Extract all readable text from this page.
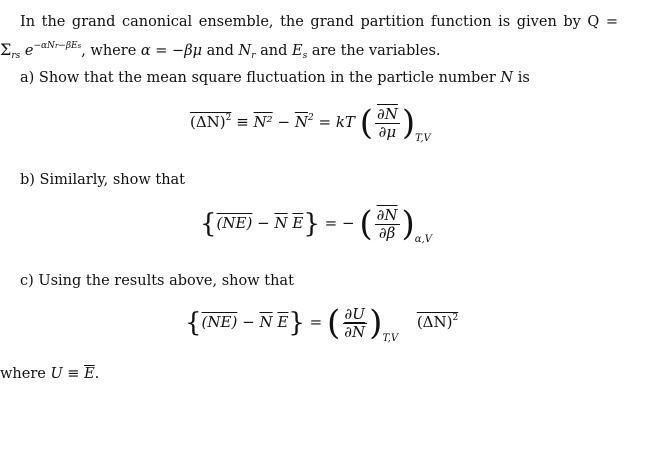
In the grand canonical ensemble, the grand partition function is given by Q =
$\Sigma_{rs}$ $e^{-\alpha Nr-\beta Es}$, where α = −βμ and $N_r$ and $E_s$ are the variables.
a) Show that the mean square fluctuation in the particle number N is
$(\Delta N)^2 \equiv N^2 - \overline{N}^2$ = kT ( $\frac{\partial N}{\partial\mu} )_{T,V}$
b) Similarly, show that
{$(NE) - \overline{N}$ $\overline{E}$} = − ( $\frac{\partial N}{\partial\beta} )_{\alpha,V}$
c) Using the results above, show that
{$(NE) - \overline{N}$ $\overline{E}$} = ( $\frac{\partial U}{\partial N} )_{T,V}$ $(\Delta N)^2$
where $U \equiv \overline{E}$.
